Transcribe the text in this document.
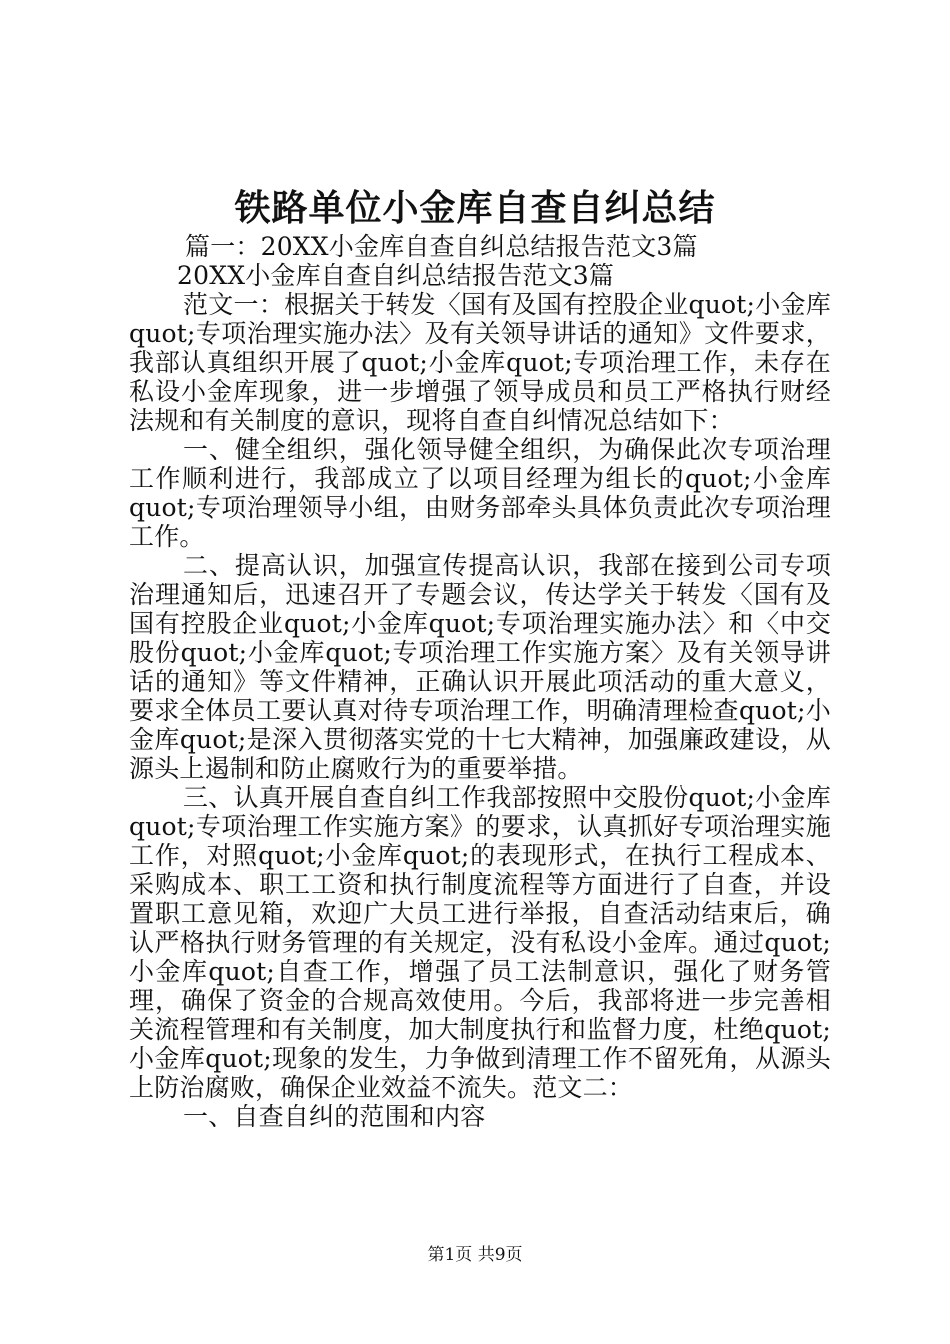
铁路单位小金库自查自纠总结

篇一：20XX小金库自查自纠总结报告范文3篇

20XX小金库自查自纠总结报告范文3篇

范文一：根据关于转发〈国有及国有控股企业quot;小金库quot;专项治理实施办法〉及有关领导讲话的通知》文件要求，我部认真组织开展了quot;小金库quot;专项治理工作，未存在私设小金库现象，进一步增强了领导成员和员工严格执行财经法规和有关制度的意识，现将自查自纠情况总结如下：

一、健全组织，强化领导健全组织，为确保此次专项治理工作顺利进行，我部成立了以项目经理为组长的quot;小金库quot;专项治理领导小组，由财务部牵头具体负责此次专项治理工作。

二、提高认识，加强宣传提高认识，我部在接到公司专项治理通知后，迅速召开了专题会议，传达学关于转发〈国有及国有控股企业quot;小金库quot;专项治理实施办法〉和〈中交股份quot;小金库quot;专项治理工作实施方案〉及有关领导讲话的通知》等文件精神，正确认识开展此项活动的重大意义，要求全体员工要认真对待专项治理工作，明确清理检查quot;小金库quot;是深入贯彻落实党的十七大精神，加强廉政建设，从源头上遏制和防止腐败行为的重要举措。

三、认真开展自查自纠工作我部按照中交股份quot;小金库quot;专项治理工作实施方案》的要求，认真抓好专项治理实施工作，对照quot;小金库quot;的表现形式，在执行工程成本、采购成本、职工工资和执行制度流程等方面进行了自查，并设置职工意见箱，欢迎广大员工进行举报，自查活动结束后，确认严格执行财务管理的有关规定，没有私设小金库。通过quot;小金库quot;自查工作，增强了员工法制意识，强化了财务管理，确保了资金的合规高效使用。今后，我部将进一步完善相关流程管理和有关制度，加大制度执行和监督力度，杜绝quot;小金库quot;现象的发生，力争做到清理工作不留死角，从源头上防治腐败，确保企业效益不流失。范文二：

一、自查自纠的范围和内容

第1页 共9页
